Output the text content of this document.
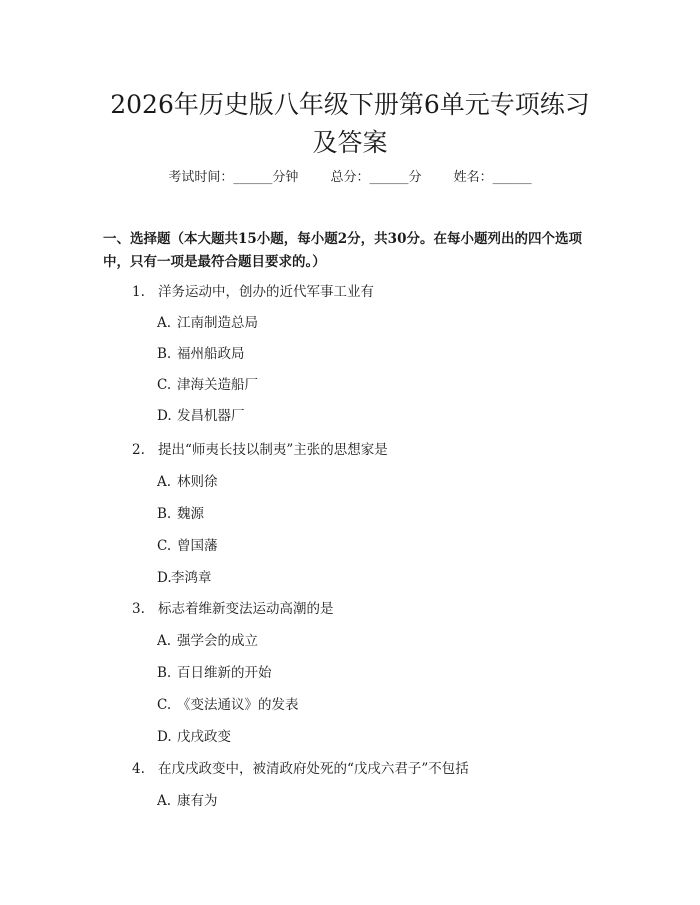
2026年历史版八年级下册第6单元专项练习
及答案
考试时间：______分钟 总分：______分 姓名：______

一、选择题（本大题共15小题，每小题2分，共30分。在每小题列出的四个选项中，只有一项是最符合题目要求的。）

1. 洋务运动中，创办的近代军事工业有
A. 江南制造总局
B. 福州船政局
C. 津海关造船厂
D. 发昌机器厂
2. 提出“师夷长技以制夷”主张的思想家是
A. 林则徐
B. 魏源
C. 曾国藩
D.李鸿章
3. 标志着维新变法运动高潮的是
A. 强学会的成立
B. 百日维新的开始
C. 《变法通议》的发表
D. 戊戌政变
4. 在戊戌政变中，被清政府处死的“戊戌六君子”不包括
A. 康有为
